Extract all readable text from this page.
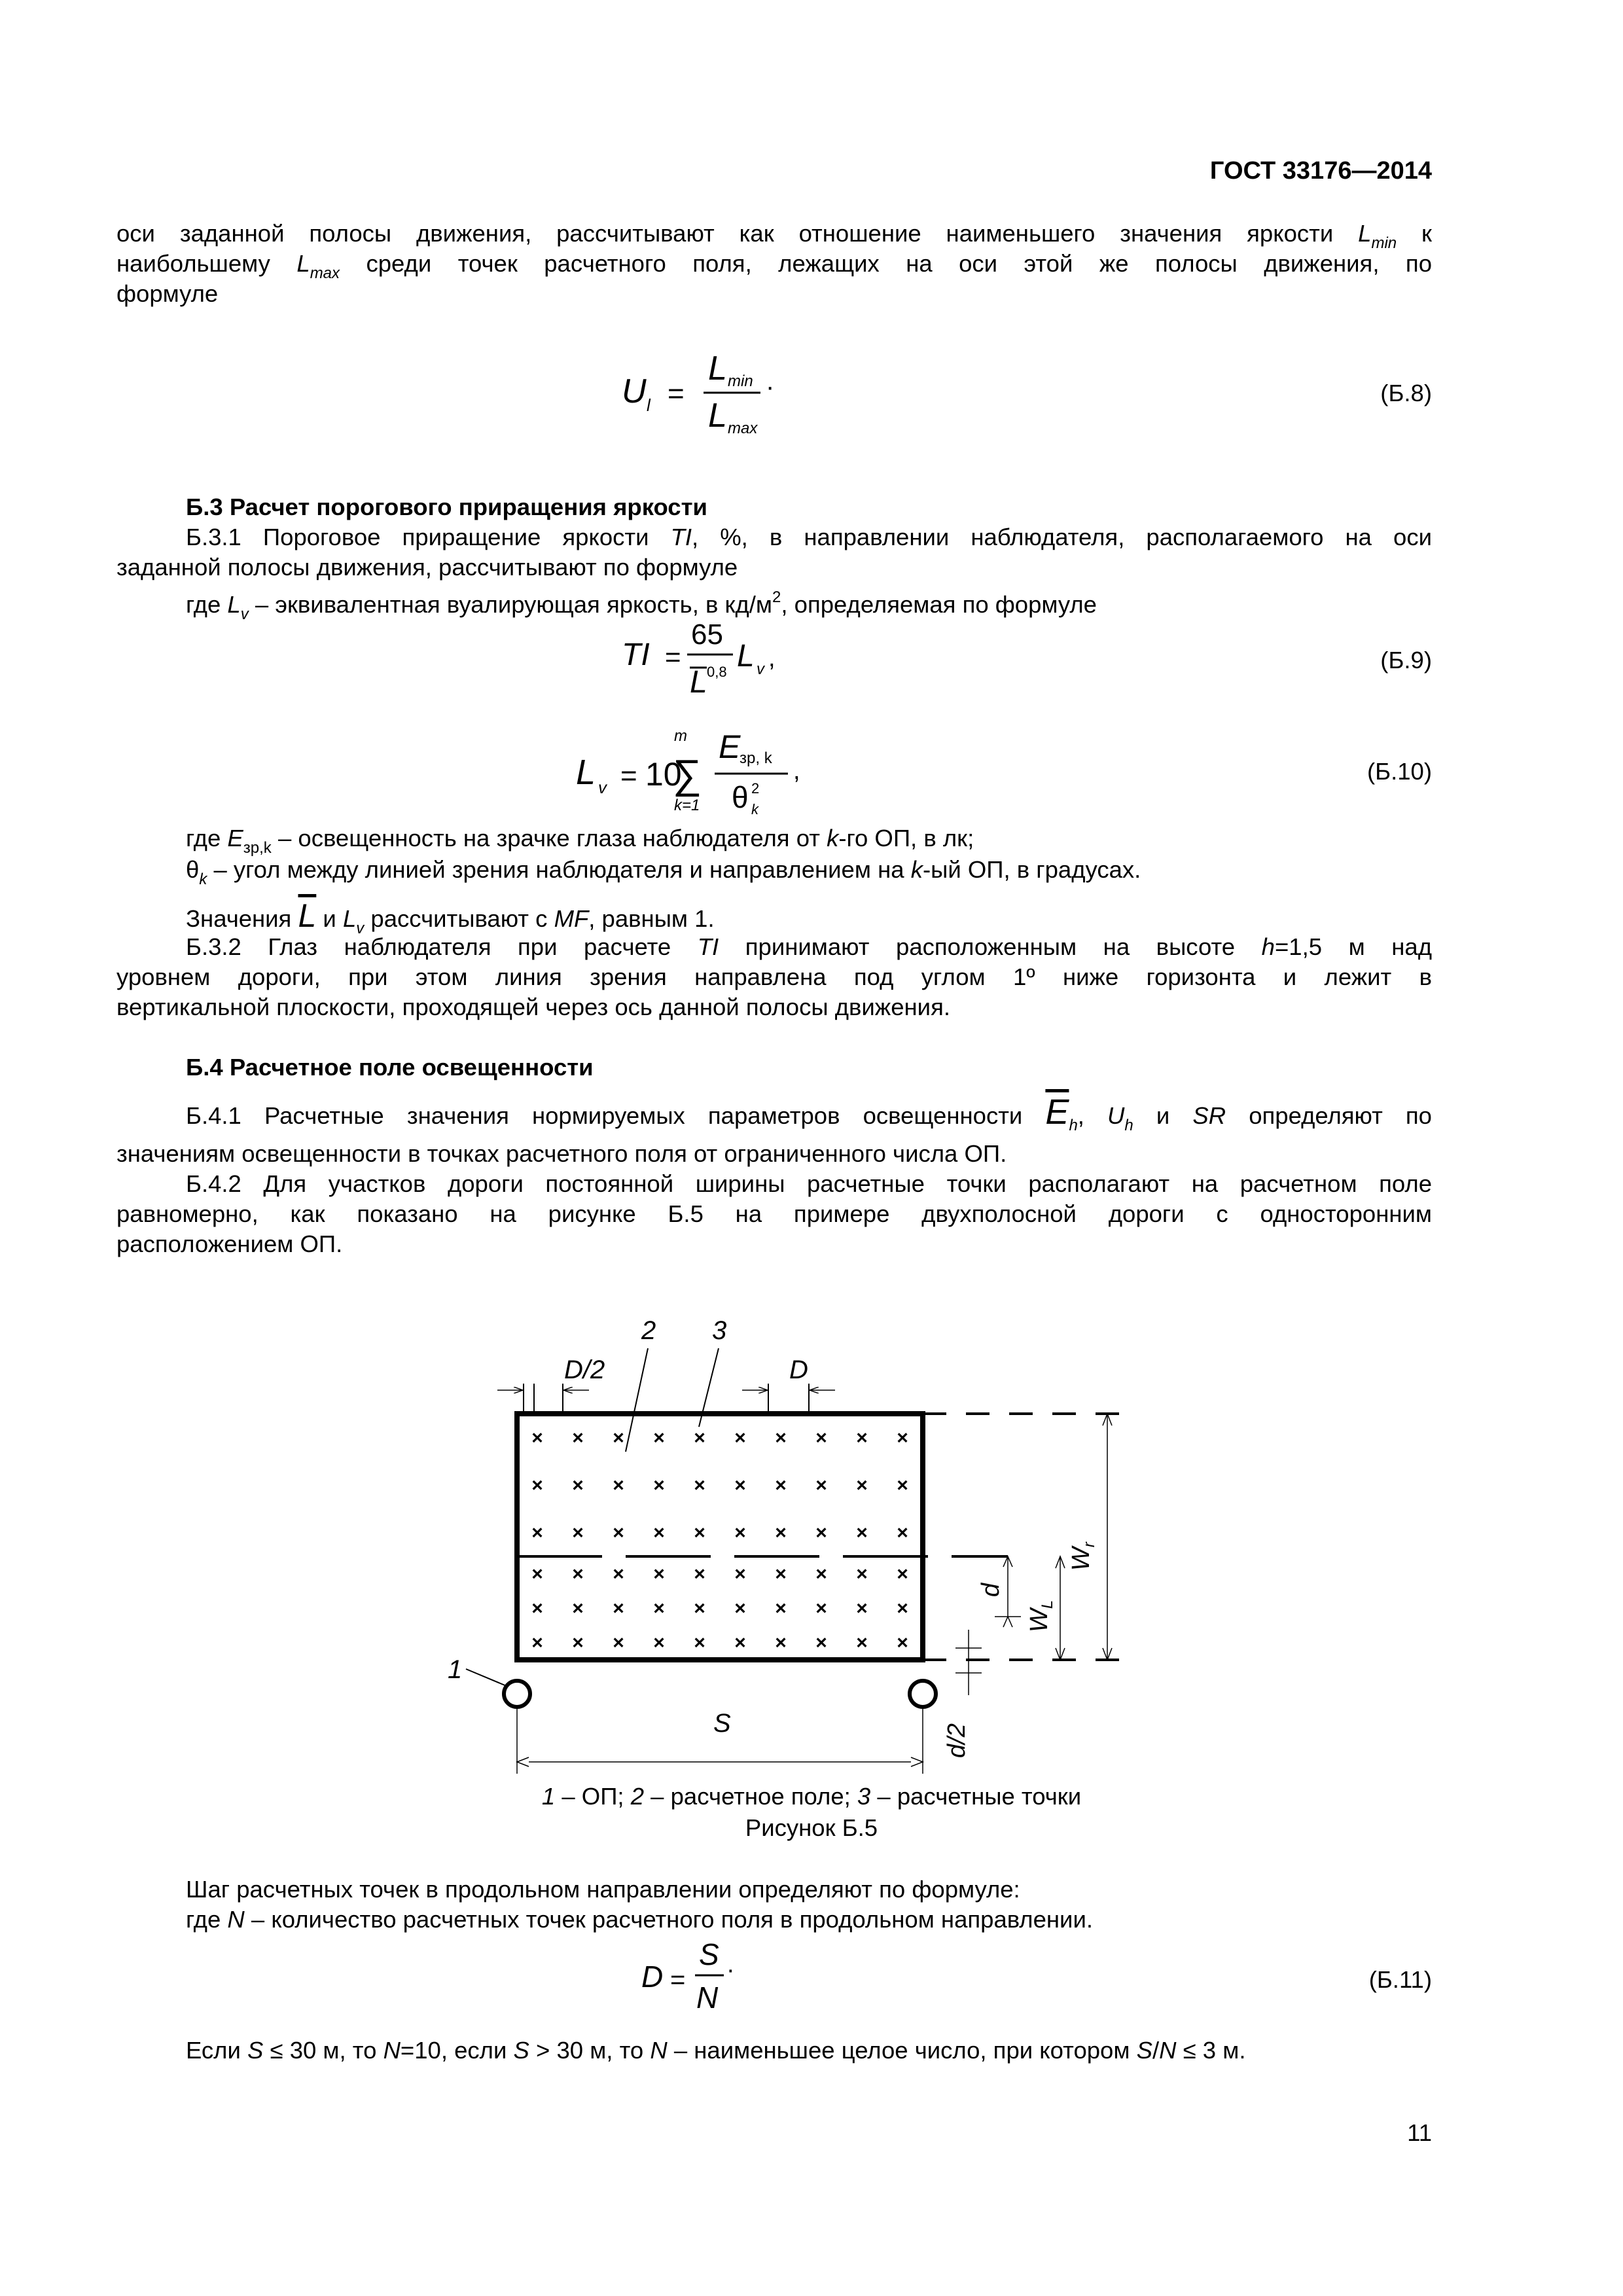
ГОСТ 33176—2014
оси заданной полосы движения, рассчитывают как отношение наименьшего значения яркости $L_{min}$ к
наибольшему $L_{max}$ среди точек расчетного поля, лежащих на оси этой же полосы движения, по
формуле
U l =
L min
L max
·	(Б.8)
Б.3 Расчет порогового приращения яркости
Б.3.1 Пороговое приращение яркости TI, %, в направлении наблюдателя, располагаемого на оси
заданной полосы движения, рассчитывают по формуле
где $L_v$ – эквивалентная вуалирующая яркость, в $кд/м^2$, определяемая по формуле
TI =
65
L 0,8 L v ,	(Б.9)
L v = 10
m
∑
k=1
E
зр, k
θ 2
k
,	(Б.10)
где $E_{зр,k}$ – освещенность на зрачке глаза наблюдателя от k-го ОП, в лк;
$\theta_k$ – угол между линией зрения наблюдателя и направлением на k-ый ОП, в градусах.
Значения $\overline{L}$ и $L_v$ рассчитывают с MF, равным 1.
Б.3.2 Глаз наблюдателя при расчете TI принимают расположенным на высоте h=1,5 м над
уровнем дороги, при этом линия зрения направлена под углом 1º ниже горизонта и лежит в
вертикальной плоскости, проходящей через ось данной полосы движения.
Б.4 Расчетное поле освещенности
Б.4.1 Расчетные значения нормируемых параметров освещенности $\overline{E}_h$, $U_h$ и SR определяют по
значениям освещенности в точках расчетного поля от ограниченного числа ОП.
Б.4.2 Для участков дороги постоянной ширины расчетные точки располагают на расчетном поле
равномерно, как показано на рисунке Б.5 на примере двухполосной дороги с односторонним
расположением ОП.
2 3
D/2	D
× × × × × × × × × ×
× × × × × × × × × ×
× × × × × × × × × ×
× × × × × × × × × ×
× × × × × × × × × ×
× × × × × × × × × ×
$W_r$
$W_L$
d
d/2
1
S
1 – ОП; 2 – расчетное поле; 3 – расчетные точки
Рисунок Б.5
Шаг расчетных точек в продольном направлении определяют по формуле:
где N – количество расчетных точек расчетного поля в продольном направлении.
D =
S
N
·	(Б.11)
Если S ≤ 30 м, то N=10, если S > 30 м, то N – наименьшее целое число, при котором S/N ≤ 3 м.
11
